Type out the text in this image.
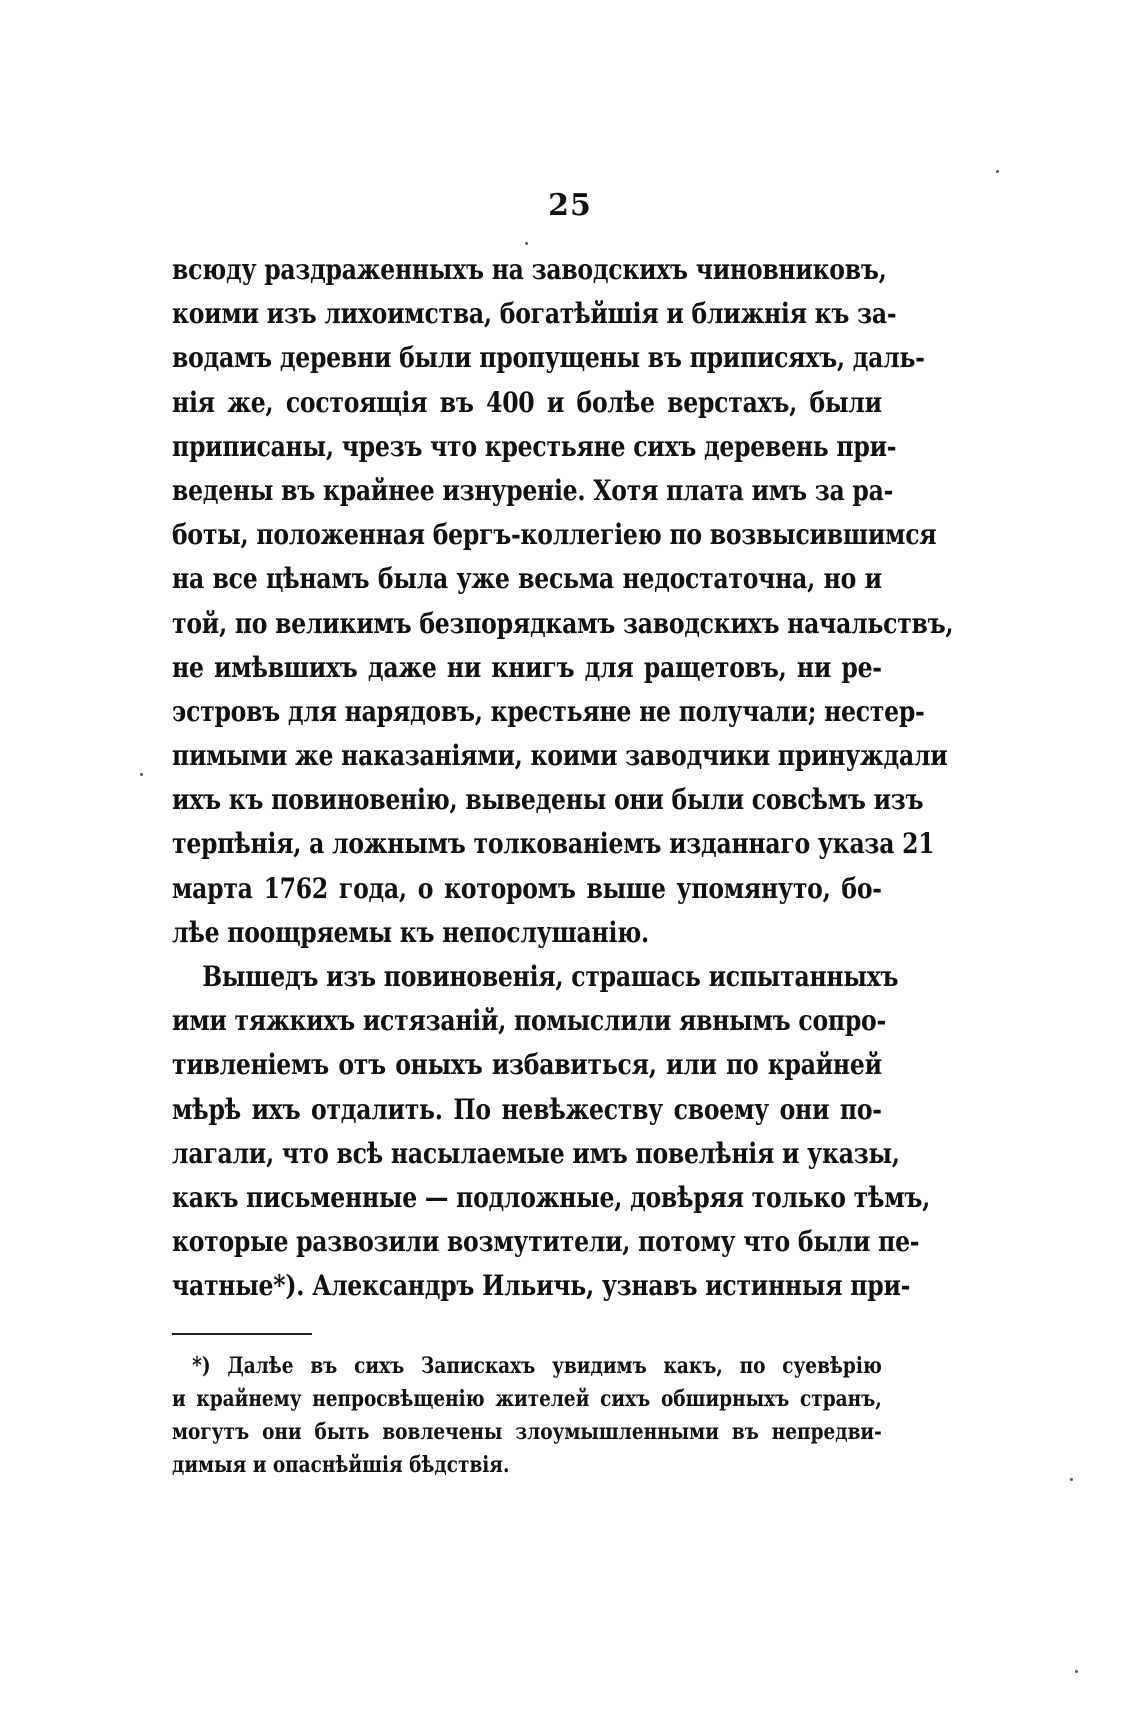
25
всюду раздраженныхъ на заводскихъ чиновниковъ,
коими изъ лихоимства, богатѣйшія и ближнія къ за-
водамъ деревни были пропущены въ приписяхъ, даль-
нія же, состоящія въ 400 и болѣе верстахъ, были
приписаны, чрезъ что крестьяне сихъ деревень при-
ведены въ крайнее изнуреніе. Хотя плата имъ за ра-
боты, положенная бергъ-коллегіею по возвысившимся
на все цѣнамъ была уже весьма недостаточна, но и
той, по великимъ безпорядкамъ заводскихъ начальствъ,
не имѣвшихъ даже ни книгъ для ращетовъ, ни ре-
эстровъ для нарядовъ, крестьяне не получали; нестер-
пимыми же наказаніями, коими заводчики принуждали
ихъ къ повиновенію, выведены они были совсѣмъ изъ
терпѣнія, а ложнымъ толкованіемъ изданнаго указа 21
марта 1762 года, о которомъ выше упомянуто, бо-
лѣе поощряемы къ непослушанію.
Вышедъ изъ повиновенія, страшась испытанныхъ
ими тяжкихъ истязаній, помыслили явнымъ сопро-
тивленіемъ отъ оныхъ избавиться, или по крайней
мѣрѣ ихъ отдалить. По невѣжеству своему они по-
лагали, что всѣ насылаемые имъ повелѣнія и указы,
какъ письменные — подложные, довѣряя только тѣмъ,
которые развозили возмутители, потому что были пе-
чатные*). Александръ Ильичь, узнавъ истинныя при-
*) Далѣе въ сихъ Запискахъ увидимъ какъ, по суевѣрію
и крайнему непросвѣщенію жителей сихъ обширныхъ странъ,
могутъ они быть вовлечены злоумышленными въ непредви-
димыя и опаснѣйшія бѣдствія.
